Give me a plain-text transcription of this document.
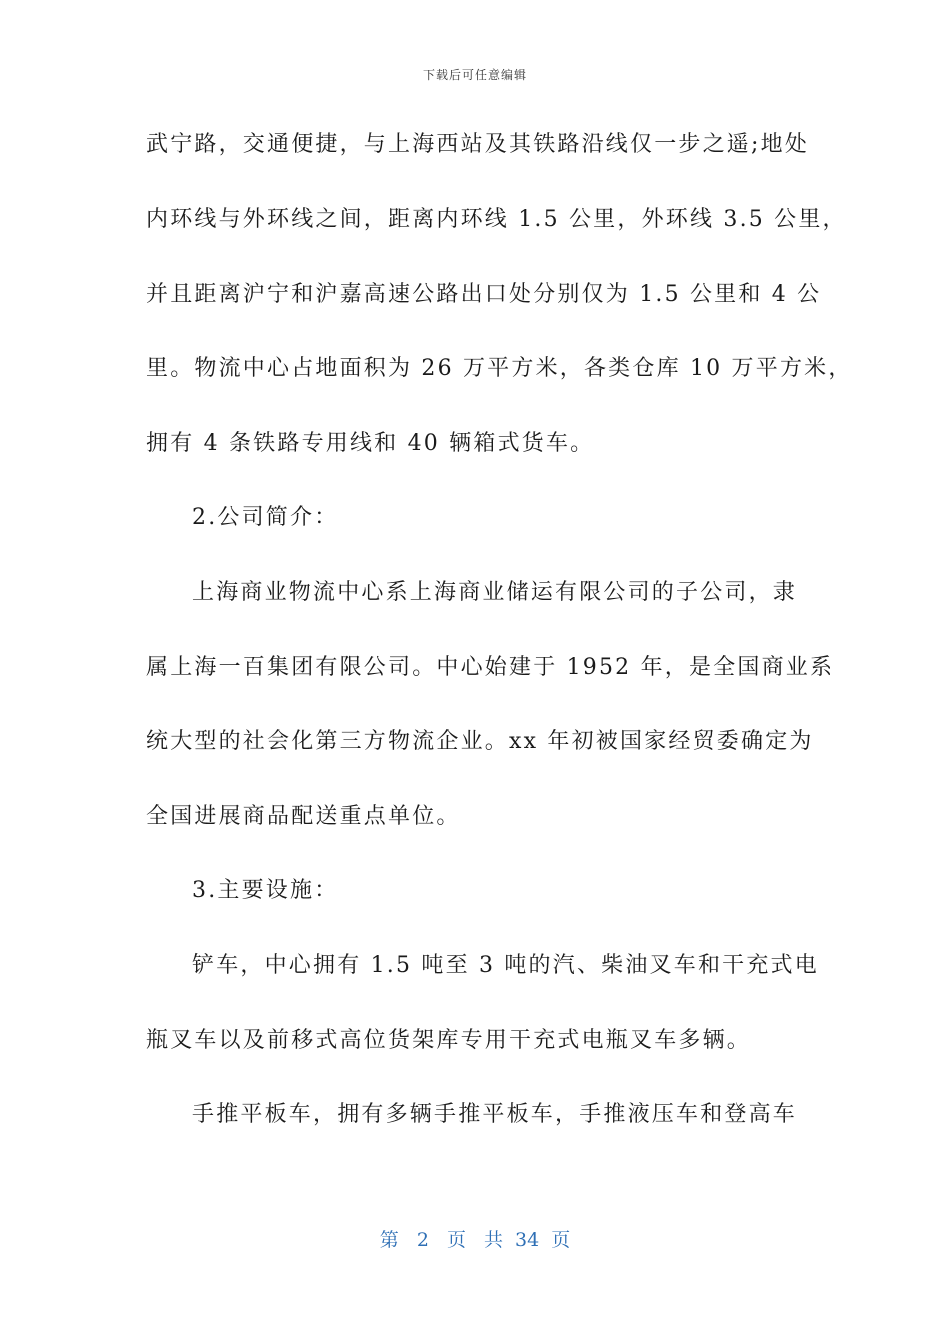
下载后可任意编辑
武宁路，交通便捷，与上海西站及其铁路沿线仅一步之遥;地处
内环线与外环线之间，距离内环线 1.5 公里，外环线 3.5 公里，
并且距离沪宁和沪嘉高速公路出口处分别仅为 1.5 公里和 4 公
里。物流中心占地面积为 26 万平方米，各类仓库 10 万平方米，
拥有 4 条铁路专用线和 40 辆箱式货车。
2.公司简介：
上海商业物流中心系上海商业储运有限公司的子公司，隶
属上海一百集团有限公司。中心始建于 1952 年，是全国商业系
统大型的社会化第三方物流企业。xx 年初被国家经贸委确定为
全国进展商品配送重点单位。
3.主要设施：
铲车，中心拥有 1.5 吨至 3 吨的汽、柴油叉车和干充式电
瓶叉车以及前移式高位货架库专用干充式电瓶叉车多辆。
手推平板车，拥有多辆手推平板车，手推液压车和登高车
第 2 页 共 34 页
